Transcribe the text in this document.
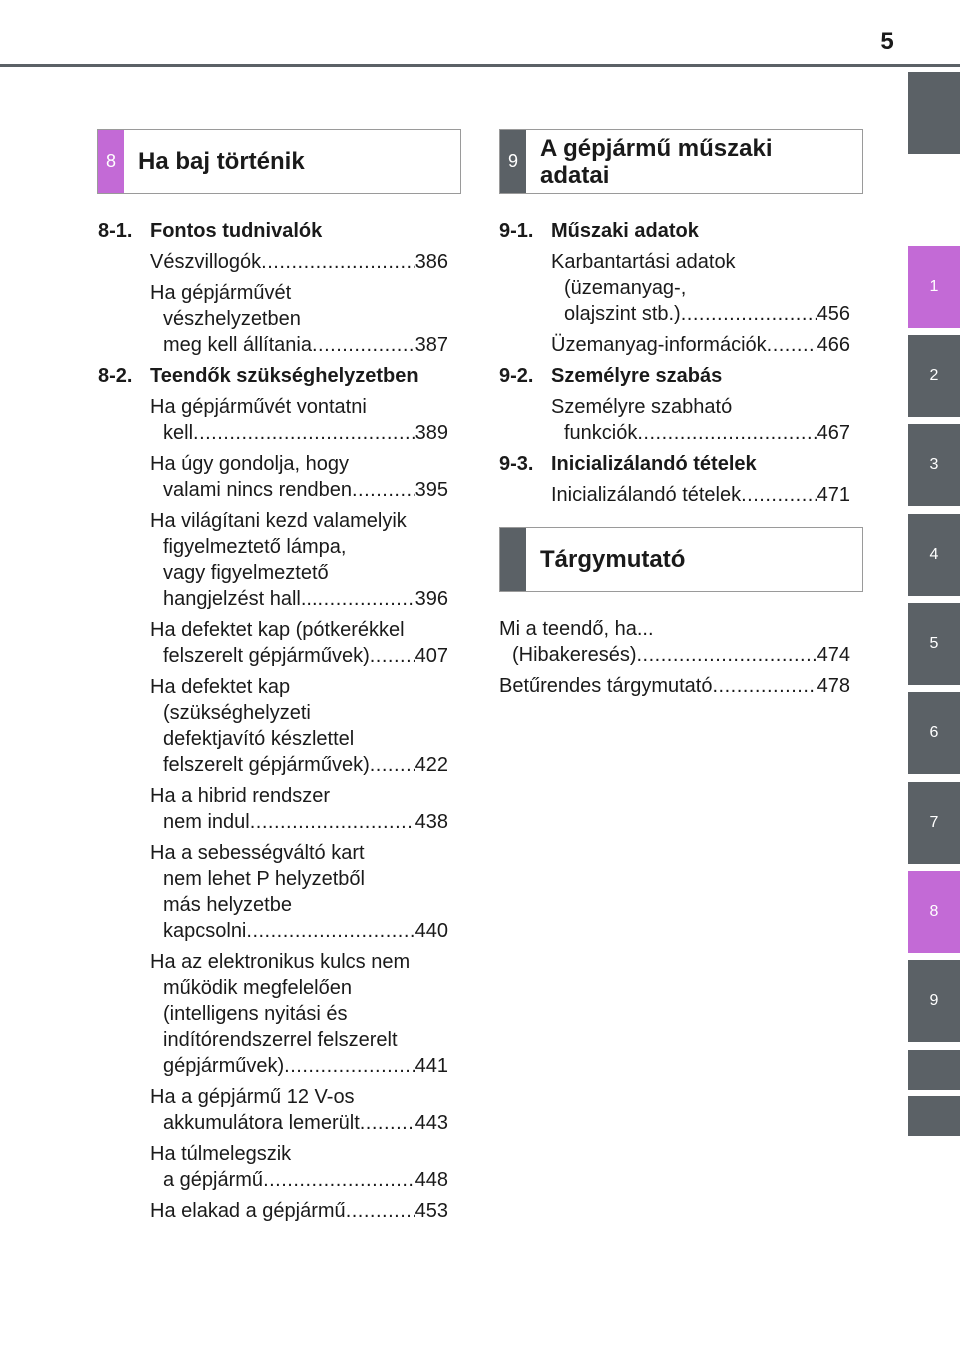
5
1
2
3
4
5
6
7
8
9
8 Ha baj történik	9 A gépjármű műszaki adatai
8-1. Fontos tudnivalók
Vészvillogók .....	386
Ha gépjárművét
vészhelyzetben
meg kell állítania .....	387
8-2. Teendők szükséghelyzetben
Ha gépjárművét vontatni
kell .....	389
Ha úgy gondolja, hogy
valami nincs rendben .....	395
Ha világítani kezd valamelyik
figyelmeztető lámpa,
vagy figyelmeztető
hangjelzést hall... .....	396
Ha defektet kap (pótkerékkel
felszerelt gépjárművek) ..... 407
Ha defektet kap
(szükséghelyzeti
defektjavító készlettel
felszerelt gépjárművek) ..... 422
Ha a hibrid rendszer
nem indul .....	438
Ha a sebességváltó kart
nem lehet P helyzetből
más helyzetbe
kapcsolni .....	440
Ha az elektronikus kulcs nem
működik megfelelően
(intelligens nyitási és
indítórendszerrel felszerelt
gépjárművek) .....	441
Ha a gépjármű 12 V-os
akkumulátora lemerült .....	443
Ha túlmelegszik
a gépjármű .....	448
Ha elakad a gépjármű .....	453
9-1. Műszaki adatok
Karbantartási adatok
(üzemanyag-,
olajszint stb.) .....	456
Üzemanyag-információk ..... 466
9-2. Személyre szabás
Személyre szabható
funkciók .....	467
9-3. Inicializálandó tételek
Inicializálandó tételek .....	471
Tárgymutató
Mi a teendő, ha...
(Hibakeresés) .....	474
Betűrendes tárgymutató .....	478
